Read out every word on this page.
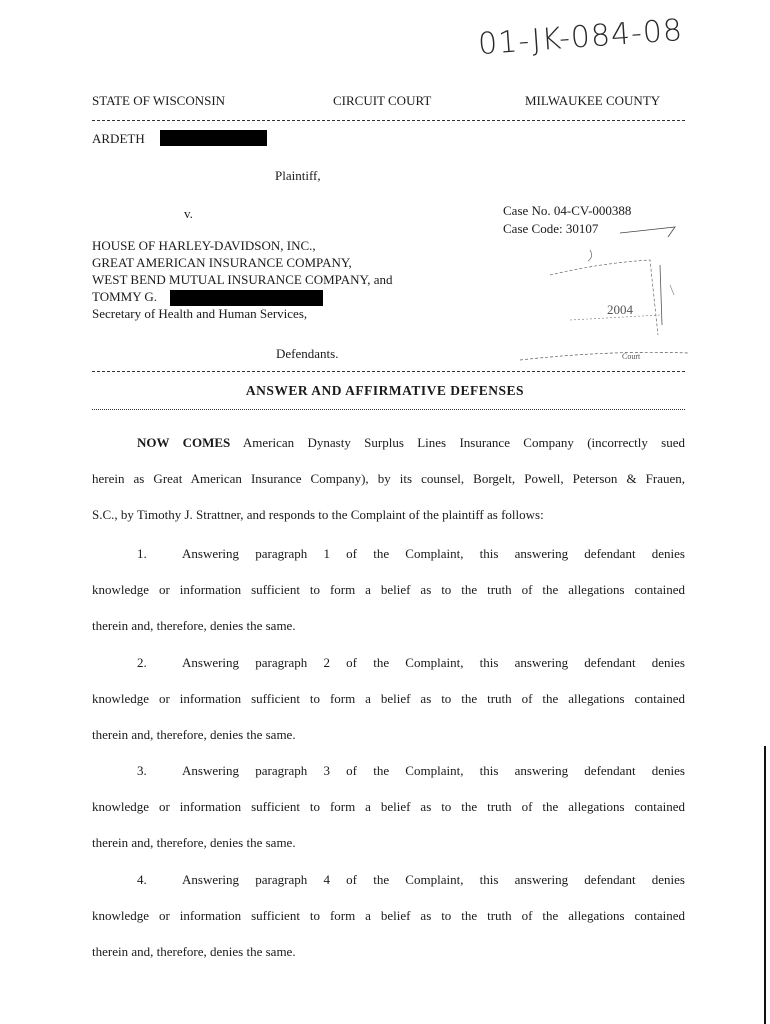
01-JK-084-08
STATE OF WISCONSIN	CIRCUIT COURT	MILWAUKEE COUNTY
ARDETH
Plaintiff,
v.	Case No. 04-CV-000388
Case Code: 30107
HOUSE OF HARLEY-DAVIDSON, INC.,
GREAT AMERICAN INSURANCE COMPANY,
WEST BEND MUTUAL INSURANCE COMPANY, and
TOMMY G.
Secretary of Health and Human Services,
Defendants.
2004
Court
ANSWER AND AFFIRMATIVE DEFENSES
NOW COMES American Dynasty Surplus Lines Insurance Company (incorrectly sued
herein as Great American Insurance Company), by its counsel, Borgelt, Powell, Peterson & Frauen,
S.C., by Timothy J. Strattner, and responds to the Complaint of the plaintiff as follows:
1.	Answering paragraph 1 of the Complaint, this answering defendant denies
knowledge or information sufficient to form a belief as to the truth of the allegations contained
therein and, therefore, denies the same.
2.	Answering paragraph 2 of the Complaint, this answering defendant denies
knowledge or information sufficient to form a belief as to the truth of the allegations contained
therein and, therefore, denies the same.
3.	Answering paragraph 3 of the Complaint, this answering defendant denies
knowledge or information sufficient to form a belief as to the truth of the allegations contained
therein and, therefore, denies the same.
4.	Answering paragraph 4 of the Complaint, this answering defendant denies
knowledge or information sufficient to form a belief as to the truth of the allegations contained
therein and, therefore, denies the same.
